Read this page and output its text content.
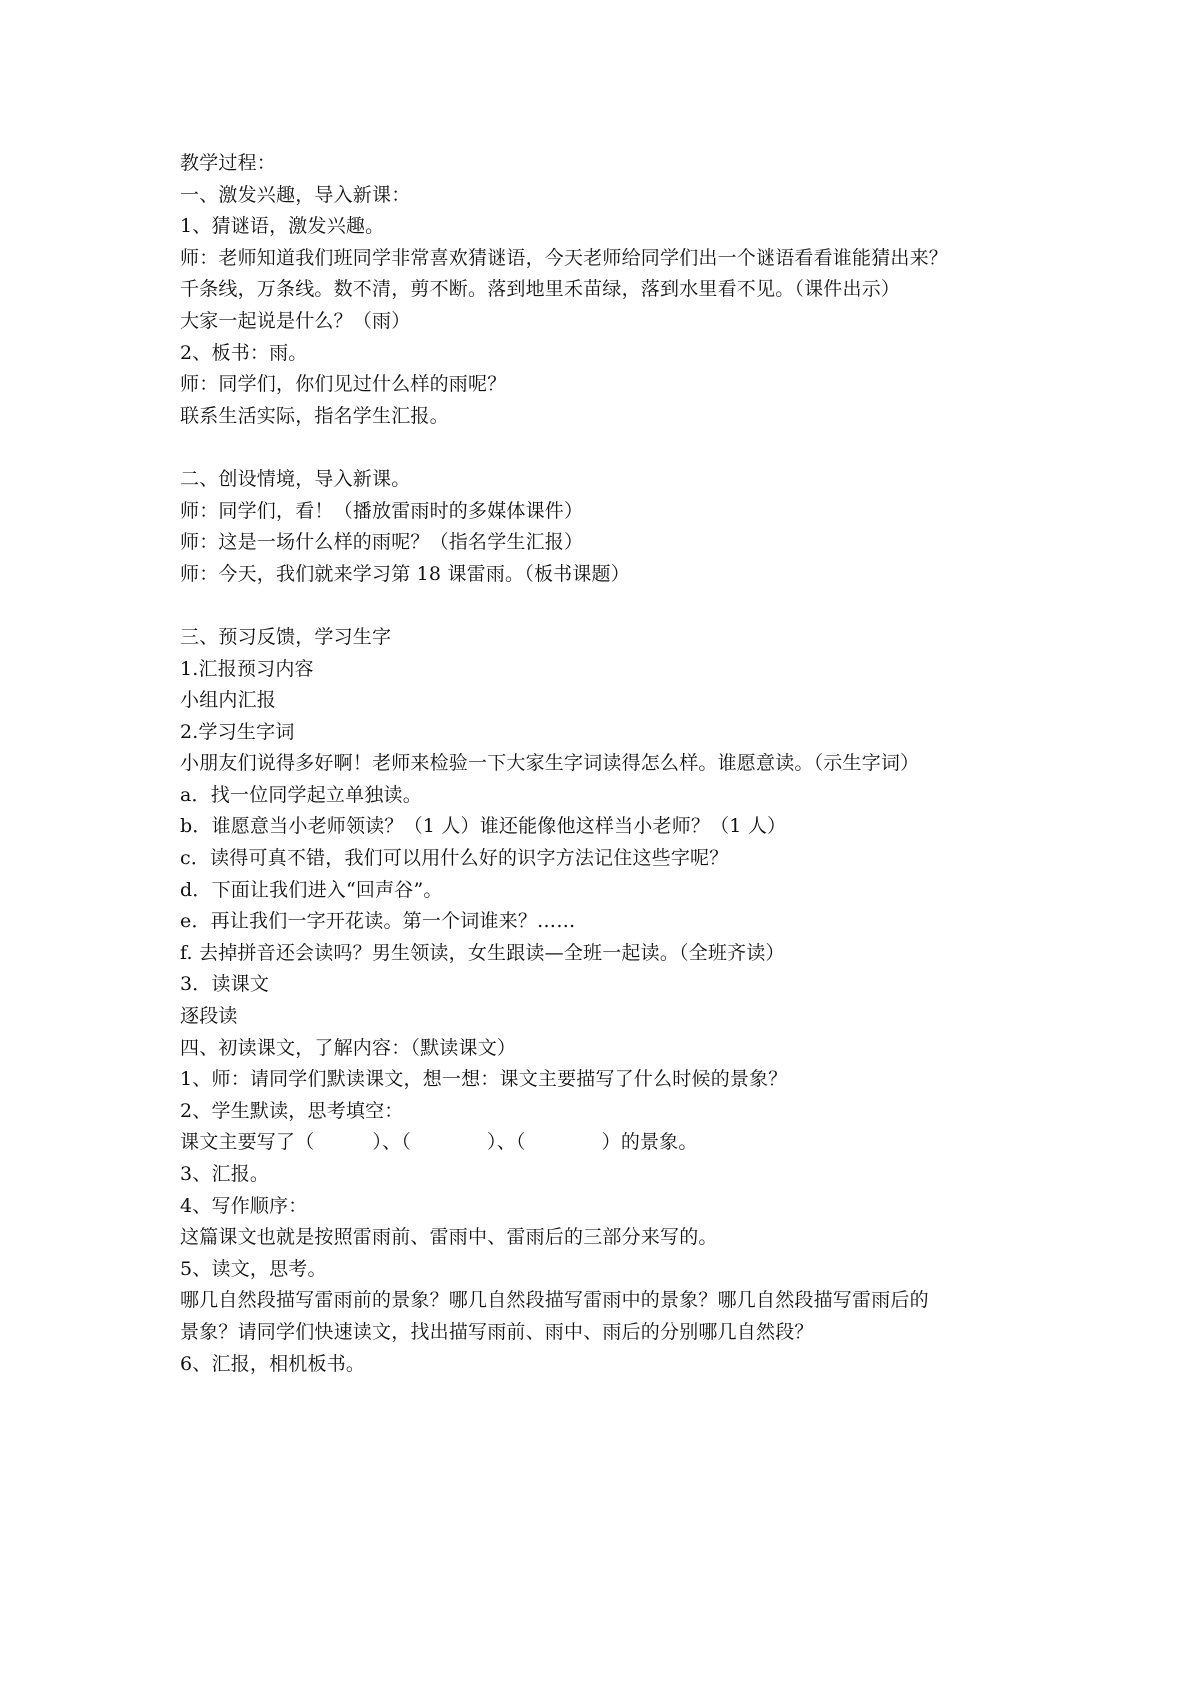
教学过程：
一、激发兴趣，导入新课：
1、猜谜语，激发兴趣。
师：老师知道我们班同学非常喜欢猜谜语，今天老师给同学们出一个谜语看看谁能猜出来？
千条线，万条线。数不清，剪不断。落到地里禾苗绿，落到水里看不见。（课件出示）
大家一起说是什么？（雨）
2、板书：雨。
师：同学们，你们见过什么样的雨呢？
联系生活实际，指名学生汇报。
二、创设情境，导入新课。
师：同学们，看！（播放雷雨时的多媒体课件）
师：这是一场什么样的雨呢？（指名学生汇报）
师：今天，我们就来学习第 18 课雷雨。（板书课题）
三、预习反馈，学习生字
1.汇报预习内容
小组内汇报
2.学习生字词
小朋友们说得多好啊！老师来检验一下大家生字词读得怎么样。谁愿意读。（示生字词）
a．找一位同学起立单独读。
b．谁愿意当小老师领读？（1 人）谁还能像他这样当小老师？（1 人）
c．读得可真不错，我们可以用什么好的识字方法记住这些字呢？
d．下面让我们进入“回声谷”。
e．再让我们一字开花读。第一个词谁来？……
f. 去掉拼音还会读吗？男生领读，女生跟读—全班一起读。（全班齐读）
3．读课文
逐段读
四、初读课文，了解内容：（默读课文）
1、师：请同学们默读课文，想一想：课文主要描写了什么时候的景象？
2、学生默读，思考填空：
课文主要写了（	）、（	）、（	）的景象。
3、汇报。
4、写作顺序：
这篇课文也就是按照雷雨前、雷雨中、雷雨后的三部分来写的。
5、读文，思考。
哪几自然段描写雷雨前的景象？哪几自然段描写雷雨中的景象？哪几自然段描写雷雨后的
景象？请同学们快速读文，找出描写雨前、雨中、雨后的分别哪几自然段？
6、汇报，相机板书。
